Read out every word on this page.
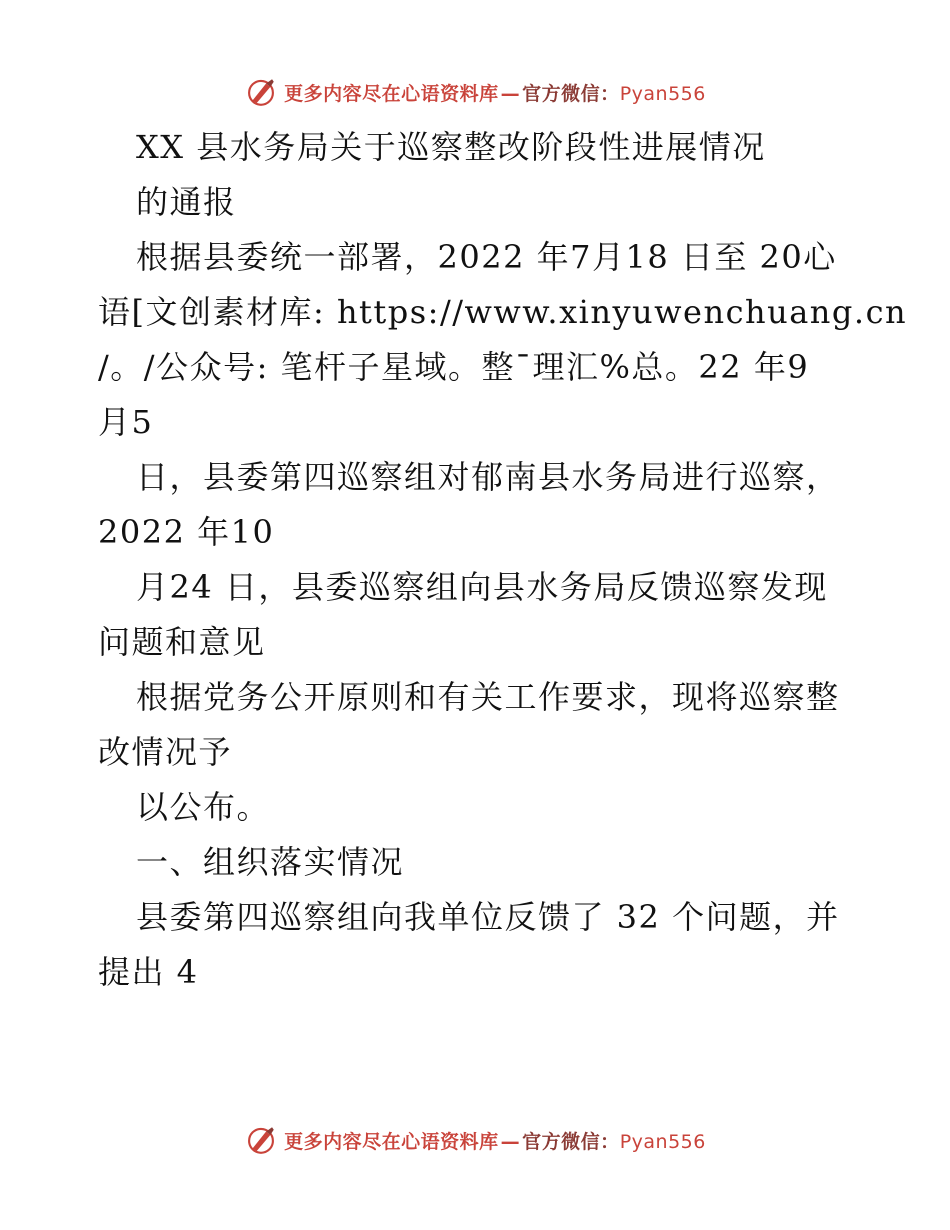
更多内容尽在心语资料库 — 官方微信：Pyan556
XX 县水务局关于巡察整改阶段性进展情况
的通报
根据县委统一部署，2022 年7月18 日至 20心
语[文创素材库: https://www.xinyuwenchuang.cn
/。/公众号: 笔杆子星域。整¯理汇%总。22 年9
月5
日，县委第四巡察组对郁南县水务局进行巡察，
2022 年10
月24 日，县委巡察组向县水务局反馈巡察发现
问题和意见
根据党务公开原则和有关工作要求，现将巡察整
改情况予
以公布。
一、组织落实情况
县委第四巡察组向我单位反馈了 32 个问题，并
提出 4
更多内容尽在心语资料库 — 官方微信：Pyan556
